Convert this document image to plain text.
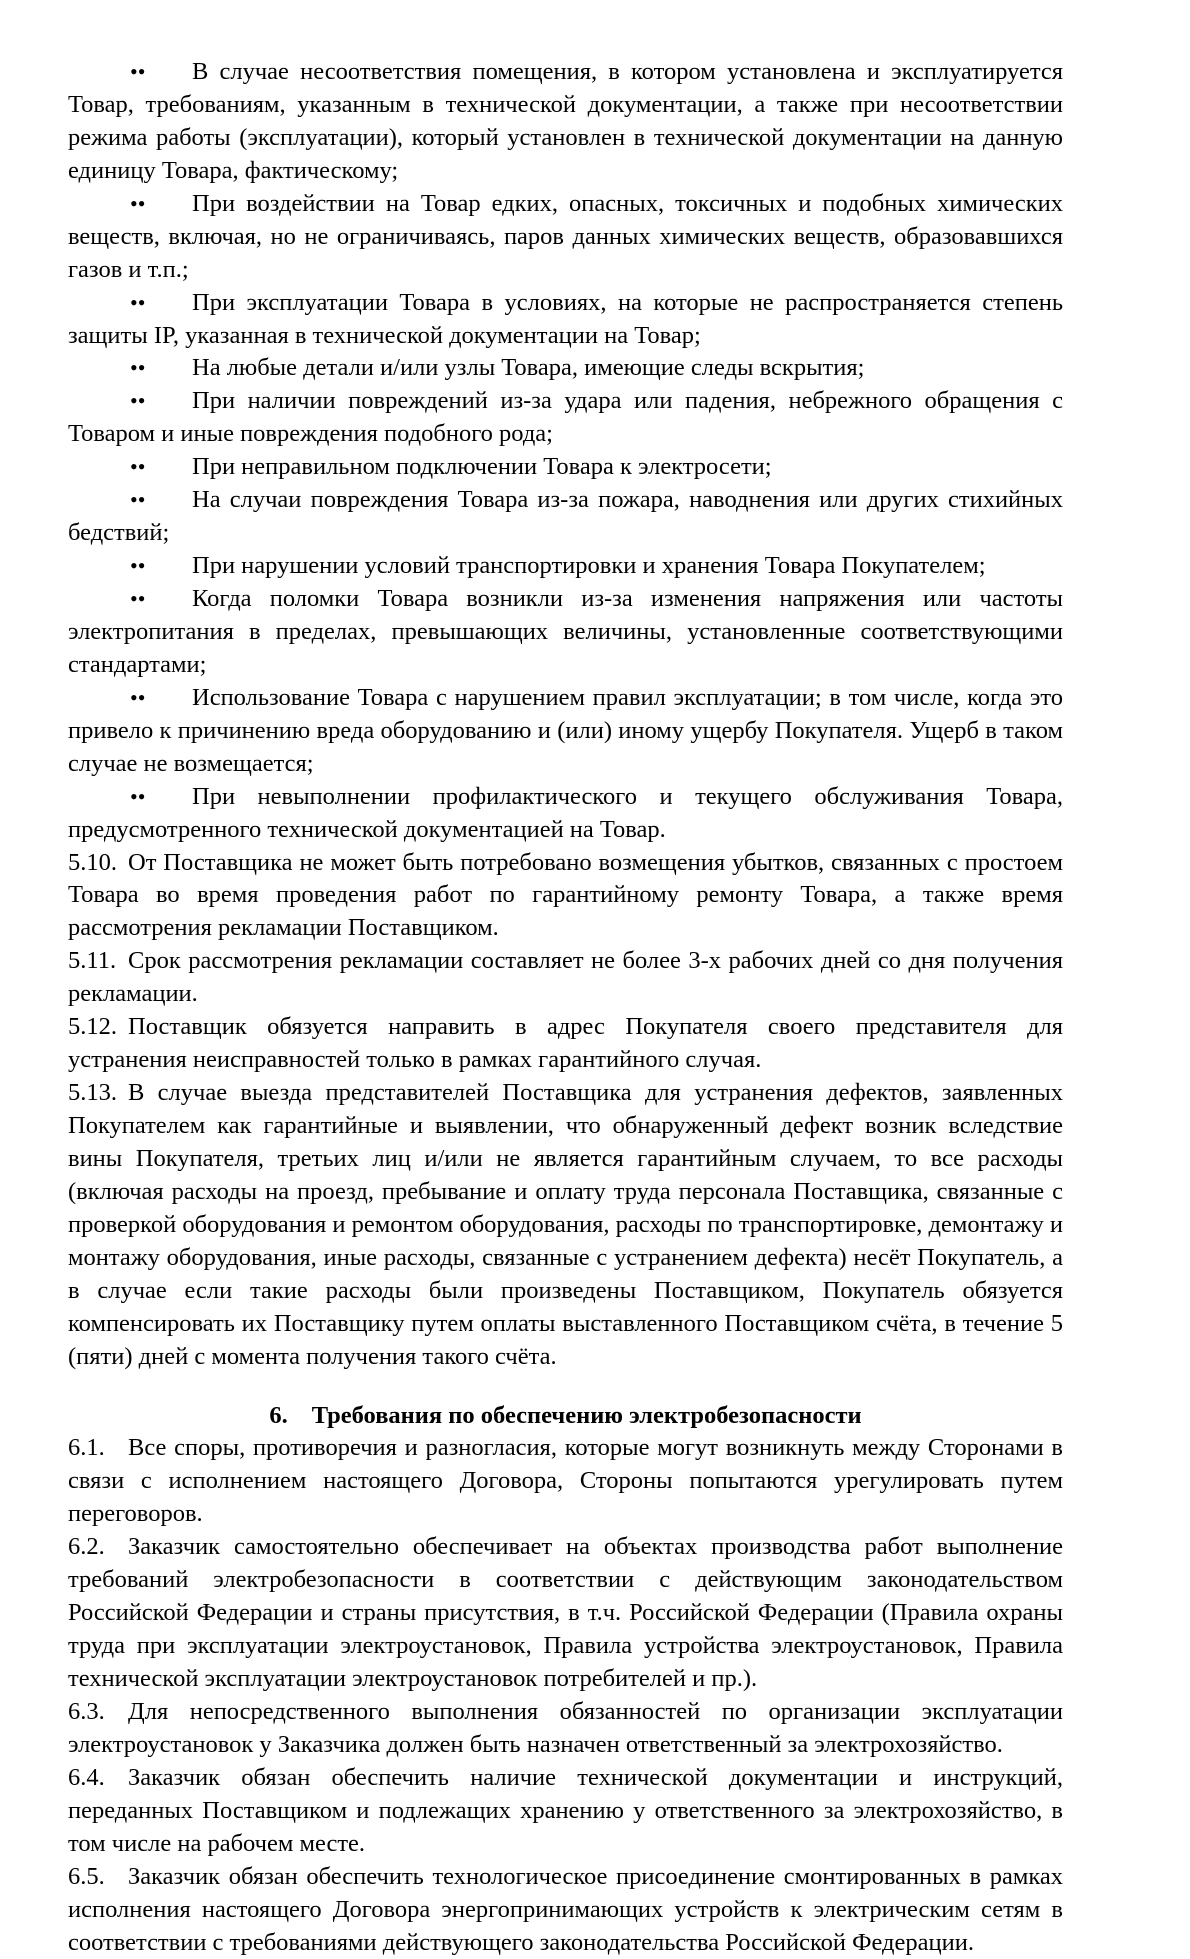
• • В случае несоответствия помещения, в котором установлена и эксплуатируется Товар, требованиям, указанным в технической документации, а также при несоответствии режима работы (эксплуатации), который установлен в технической документации на данную единицу Товара, фактическому;
• • При воздействии на Товар едких, опасных, токсичных и подобных химических веществ, включая, но не ограничиваясь, паров данных химических веществ, образовавшихся газов и т.п.;
• • При эксплуатации Товара в условиях, на которые не распространяется степень защиты IP, указанная в технической документации на Товар;
• • На любые детали и/или узлы Товара, имеющие следы вскрытия;
• • При наличии повреждений из-за удара или падения, небрежного обращения с Товаром и иные повреждения подобного рода;
• • При неправильном подключении Товара к электросети;
• • На случаи повреждения Товара из-за пожара, наводнения или других стихийных бедствий;
• • При нарушении условий транспортировки и хранения Товара Покупателем;
• • Когда поломки Товара возникли из-за изменения напряжения или частоты электропитания в пределах, превышающих величины, установленные соответствующими стандартами;
• • Использование Товара с нарушением правил эксплуатации; в том числе, когда это привело к причинению вреда оборудованию и (или) иному ущербу Покупателя. Ущерб в таком случае не возмещается;
• • При невыполнении профилактического и текущего обслуживания Товара, предусмотренного технической документацией на Товар.

5.10. От Поставщика не может быть потребовано возмещения убытков, связанных с простоем Товара во время проведения работ по гарантийному ремонту Товара, а также время рассмотрения рекламации Поставщиком.

5.11. Срок рассмотрения рекламации составляет не более 3-х рабочих дней со дня получения рекламации.

5.12. Поставщик обязуется направить в адрес Покупателя своего представителя для устранения неисправностей только в рамках гарантийного случая.

5.13. В случае выезда представителей Поставщика для устранения дефектов, заявленных Покупателем как гарантийные и выявлении, что обнаруженный дефект возник вследствие вины Покупателя, третьих лиц и/или не является гарантийным случаем, то все расходы (включая расходы на проезд, пребывание и оплату труда персонала Поставщика, связанные с проверкой оборудования и ремонтом оборудования, расходы по транспортировке, демонтажу и монтажу оборудования, иные расходы, связанные с устранением дефекта) несёт Покупатель, а в случае если такие расходы были произведены Поставщиком, Покупатель обязуется компенсировать их Поставщику путем оплаты выставленного Поставщиком счёта, в течение 5 (пяти) дней с момента получения такого счёта.

6. Требования по обеспечению электробезопасности

6.1. Все споры, противоречия и разногласия, которые могут возникнуть между Сторонами в связи с исполнением настоящего Договора, Стороны попытаются урегулировать путем переговоров.

6.2. Заказчик самостоятельно обеспечивает на объектах производства работ выполнение требований электробезопасности в соответствии с действующим законодательством Российской Федерации и страны присутствия, в т.ч. Российской Федерации (Правила охраны труда при эксплуатации электроустановок, Правила устройства электроустановок, Правила технической эксплуатации электроустановок потребителей и пр.).

6.3. Для непосредственного выполнения обязанностей по организации эксплуатации электроустановок у Заказчика должен быть назначен ответственный за электрохозяйство.

6.4. Заказчик обязан обеспечить наличие технической документации и инструкций, переданных Поставщиком и подлежащих хранению у ответственного за электрохозяйство, в том числе на рабочем месте.

6.5. Заказчик обязан обеспечить технологическое присоединение смонтированных в рамках исполнения настоящего Договора энергопринимающих устройств к электрическим сетям в соответствии с требованиями действующего законодательства Российской Федерации.
